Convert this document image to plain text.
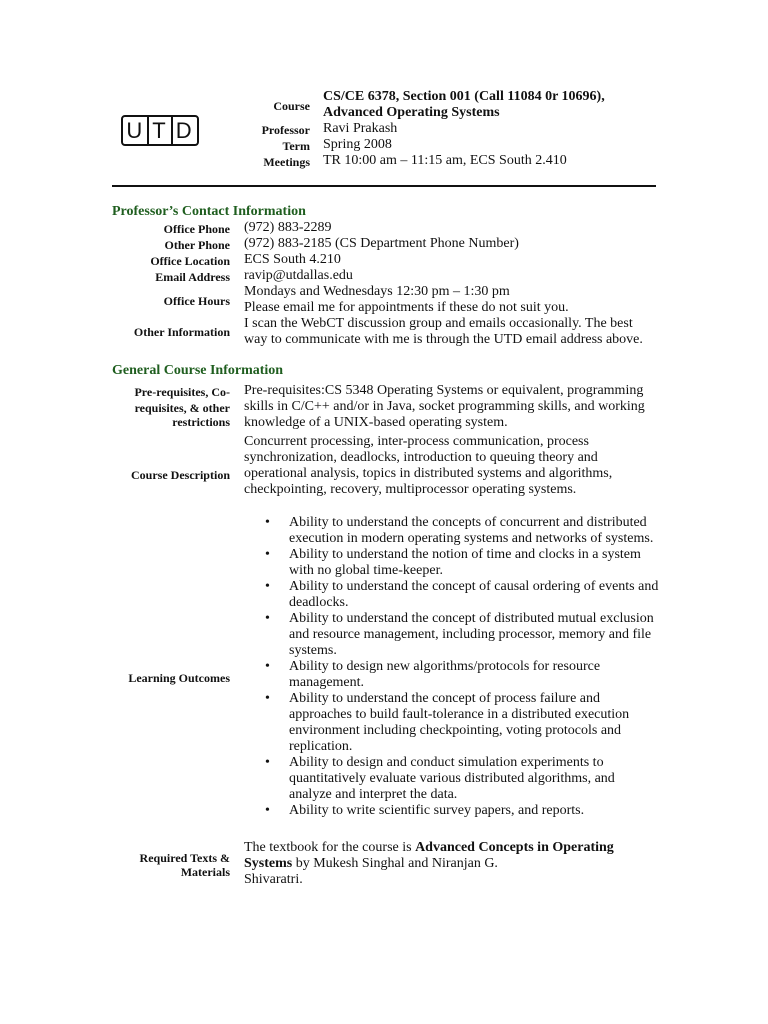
U T D
Course
CS/CE 6378, Section 001 (Call 11084 0r 10696),
Advanced Operating Systems
Professor Ravi Prakash
Term Spring 2008
Meetings TR 10:00 am – 11:15 am, ECS South 2.410
Professor’s Contact Information
Office Phone (972) 883-2289
Other Phone (972) 883-2185 (CS Department Phone Number)
Office Location ECS South 4.210
Email Address ravip@utdallas.edu
Office Hours
Mondays and Wednesdays 12:30 pm – 1:30 pm
Please email me for appointments if these do not suit you.
Other Information
I scan the WebCT discussion group and emails occasionally. The best
way to communicate with me is through the UTD email address above.
General Course Information
Pre-requisites, Co-
requisites, & other
restrictions
Pre-requisites:CS 5348 Operating Systems or equivalent, programming
skills in C/C++ and/or in Java, socket programming skills, and working
knowledge of a UNIX-based operating system.
Course Description
Concurrent processing, inter-process communication, process
synchronization, deadlocks, introduction to queuing theory and
operational analysis, topics in distributed systems and algorithms,
checkpointing, recovery, multiprocessor operating systems.
Learning Outcomes
• Ability to understand the concepts of concurrent and distributed
execution in modern operating systems and networks of systems.
• Ability to understand the notion of time and clocks in a system
with no global time-keeper.
• Ability to understand the concept of causal ordering of events and
deadlocks.
• Ability to understand the concept of distributed mutual exclusion
and resource management, including processor, memory and file
systems.
• Ability to design new algorithms/protocols for resource
management.
• Ability to understand the concept of process failure and
approaches to build fault-tolerance in a distributed execution
environment including checkpointing, voting protocols and
replication.
• Ability to design and conduct simulation experiments to
quantitatively evaluate various distributed algorithms, and
analyze and interpret the data.
• Ability to write scientific survey papers, and reports.
Required Texts &
Materials
The textbook for the course is Advanced Concepts in Operating
Systems by Mukesh Singhal and Niranjan G.
Shivaratri.
